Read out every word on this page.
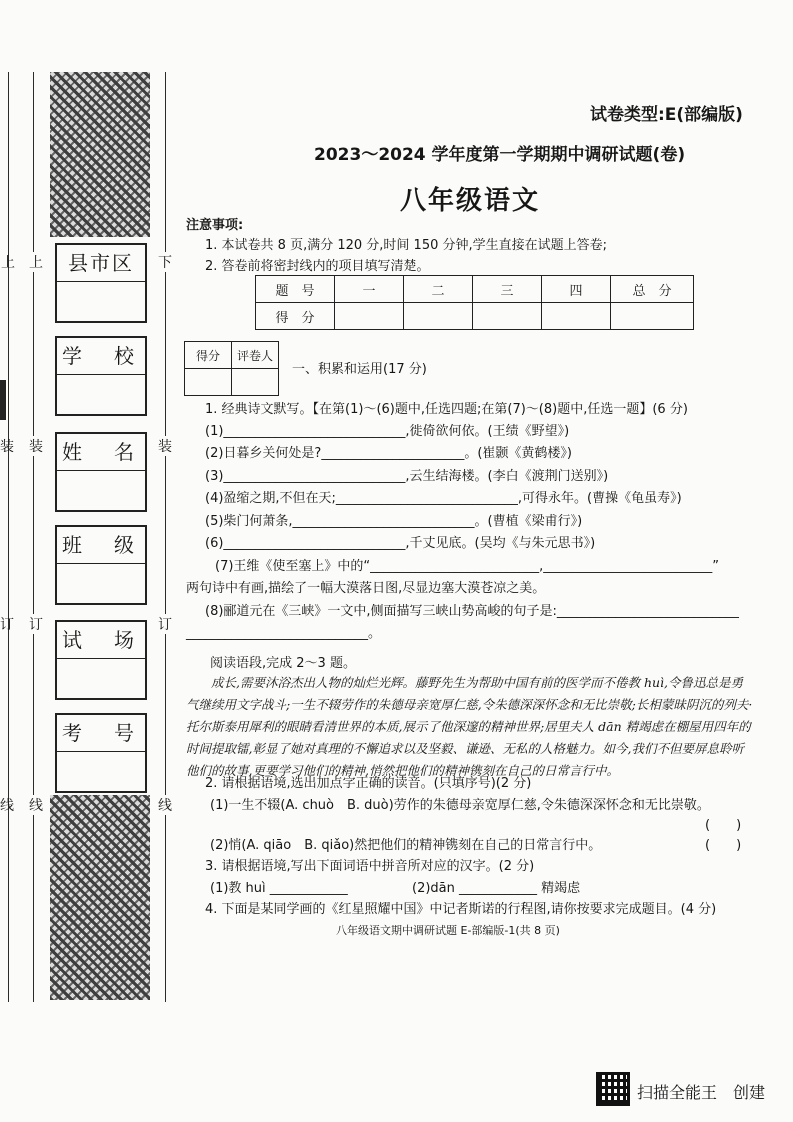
上
装
订
线
上
装
订
线
下
装
订
线
县市区
学　校
姓　名
班　级
试　场
考　号
试卷类型:E(部编版)
2023～2024 学年度第一学期期中调研试题(卷)
八年级语文
注意事项:
1. 本试卷共 8 页,满分 120 分,时间 150 分钟,学生直接在试题上答卷;
2. 答卷前将密封线内的项目填写清楚。
题　号	一	二	三	四	总　分
得　分					
得分	评卷人

一、积累和运用(17 分)
1. 经典诗文默写。【在第(1)～(6)题中,任选四题;在第(7)～(8)题中,任选一题】(6 分)
(1)____________________________,徙倚欲何依。(王绩《野望》)
(2)日暮乡关何处是?______________________。(崔颢《黄鹤楼》)
(3)____________________________,云生结海楼。(李白《渡荆门送别》)
(4)盈缩之期,不但在天;____________________________,可得永年。(曹操《龟虽寿》)
(5)柴门何萧条,____________________________。(曹植《梁甫行》)
(6)____________________________,千丈见底。(吴均《与朱元思书》)
(7)王维《使至塞上》中的“__________________________,__________________________”
两句诗中有画,描绘了一幅大漠落日图,尽显边塞大漠苍凉之美。
(8)郦道元在《三峡》一文中,侧面描写三峡山势高峻的句子是:____________________________
____________________________。
阅读语段,完成 2～3 题。
成长,需要沐浴杰出人物的灿烂光辉。藤野先生为帮助中国有前的医学而不倦教 huì,令鲁迅总是勇气继续用文字战斗;一生不辍劳作的朱德母亲宽厚仁慈,令朱德深深怀念和无比崇敬;长相蒙昧阴沉的列夫·托尔斯泰用犀利的眼睛看清世界的本质,展示了他深邃的精神世界;居里夫人 dān 精竭虑在棚屋用四年的时间提取镭,彰显了她对真理的不懈追求以及坚毅、谦逊、无私的人格魅力。如今,我们不但要屏息聆听他们的故事,更要学习他们的精神,悄然把他们的精神镌刻在自己的日常言行中。
2. 请根据语境,选出加点字正确的读音。(只填序号)(2 分)
(1)一生不辍(A. chuò　B. duò)劳作的朱德母亲宽厚仁慈,令朱德深深怀念和无比崇敬。
(　　)
(2)悄(A. qiāo　B. qiǎo)然把他们的精神镌刻在自己的日常言行中。	(　　)
3. 请根据语境,写出下面词语中拼音所对应的汉字。(2 分)
(1)教 huì ____________	(2)dān ____________ 精竭虑
4. 下面是某同学画的《红星照耀中国》中记者斯诺的行程图,请你按要求完成题目。(4 分)
八年级语文期中调研试题 E-部编版-1(共 8 页)
扫描全能王 创建
